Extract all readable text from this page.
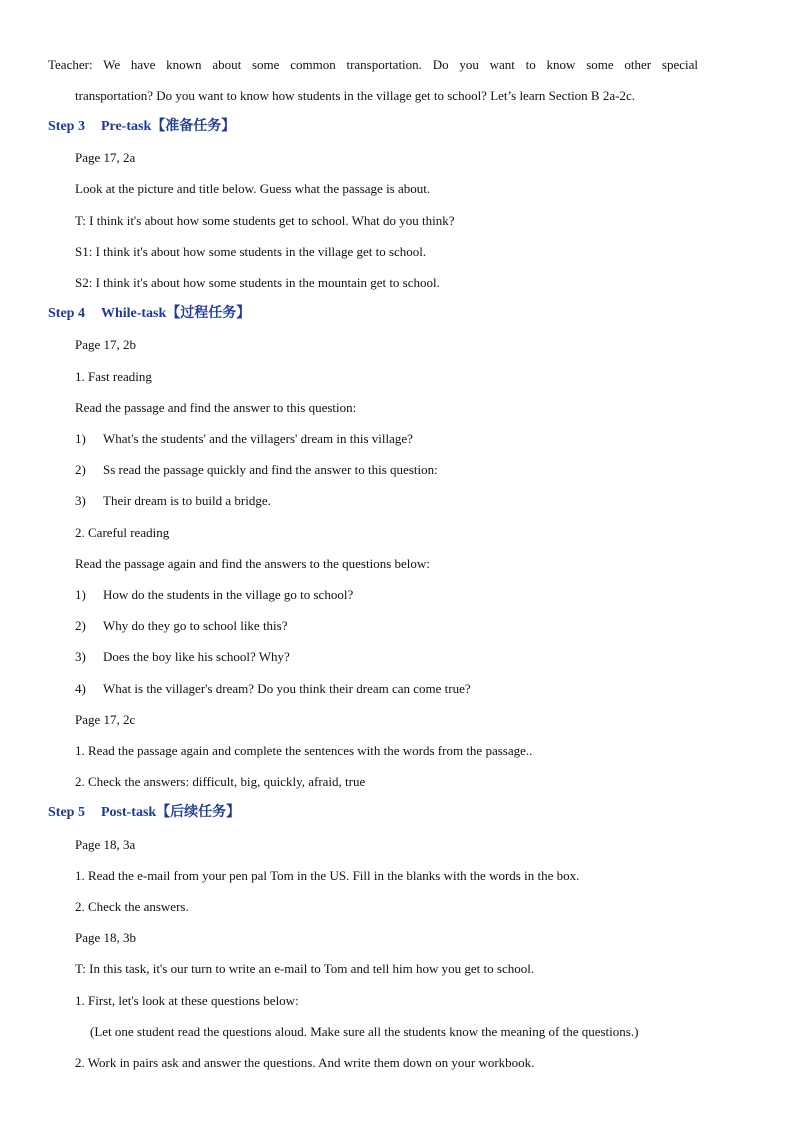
Teacher: We have known about some common transportation. Do you want to know some other special
transportation? Do you want to know how students in the village get to school? Let’s learn Section B 2a-2c.
Step 3 Pre-task【准备任务】
Page 17, 2a
Look at the picture and title below. Guess what the passage is about.
T: I think it's about how some students get to school. What do you think?
S1: I think it's about how some students in the village get to school.
S2: I think it's about how some students in the mountain get to school.
Step 4 While-task【过程任务】
Page 17, 2b
1. Fast reading
Read the passage and find the answer to this question:
1) What's the students' and the villagers' dream in this village?
2) Ss read the passage quickly and find the answer to this question:
3) Their dream is to build a bridge.
2. Careful reading
Read the passage again and find the answers to the questions below:
1) How do the students in the village go to school?
2) Why do they go to school like this?
3) Does the boy like his school? Why?
4) What is the villager's dream? Do you think their dream can come true?
Page 17, 2c
1. Read the passage again and complete the sentences with the words from the passage..
2. Check the answers: difficult, big, quickly, afraid, true
Step 5 Post-task【后续任务】
Page 18, 3a
1. Read the e-mail from your pen pal Tom in the US. Fill in the blanks with the words in the box.
2. Check the answers.
Page 18, 3b
T: In this task, it's our turn to write an e-mail to Tom and tell him how you get to school.
1. First, let's look at these questions below:
(Let one student read the questions aloud. Make sure all the students know the meaning of the questions.)
2. Work in pairs ask and answer the questions. And write them down on your workbook.
